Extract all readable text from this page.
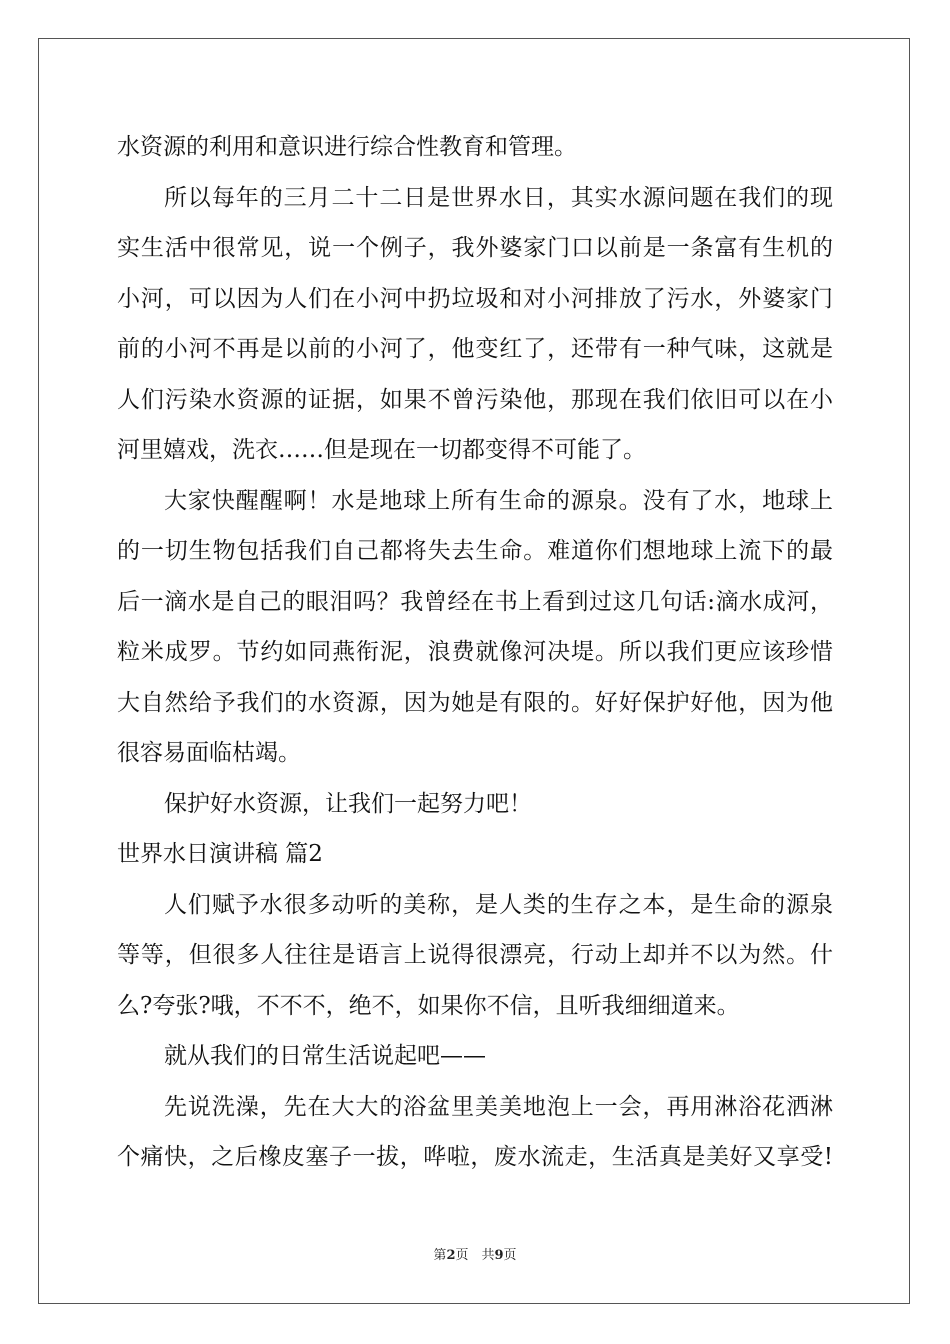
水资源的利用和意识进行综合性教育和管理。
所以每年的三月二十二日是世界水日，其实水源问题在我们的现
实生活中很常见，说一个例子，我外婆家门口以前是一条富有生机的
小河，可以因为人们在小河中扔垃圾和对小河排放了污水，外婆家门
前的小河不再是以前的小河了，他变红了，还带有一种气味，这就是
人们污染水资源的证据，如果不曾污染他，那现在我们依旧可以在小
河里嬉戏，洗衣……但是现在一切都变得不可能了。
大家快醒醒啊！水是地球上所有生命的源泉。没有了水，地球上
的一切生物包括我们自己都将失去生命。难道你们想地球上流下的最
后一滴水是自己的眼泪吗？我曾经在书上看到过这几句话:滴水成河，
粒米成罗。节约如同燕衔泥，浪费就像河决堤。所以我们更应该珍惜
大自然给予我们的水资源，因为她是有限的。好好保护好他，因为他
很容易面临枯竭。
保护好水资源，让我们一起努力吧！
世界水日演讲稿 篇2
人们赋予水很多动听的美称，是人类的生存之本，是生命的源泉
等等，但很多人往往是语言上说得很漂亮，行动上却并不以为然。什
么?夸张?哦，不不不，绝不，如果你不信，且听我细细道来。
就从我们的日常生活说起吧——
先说洗澡，先在大大的浴盆里美美地泡上一会，再用淋浴花洒淋
个痛快，之后橡皮塞子一拔，哗啦，废水流走，生活真是美好又享受!
第2页　共9页
